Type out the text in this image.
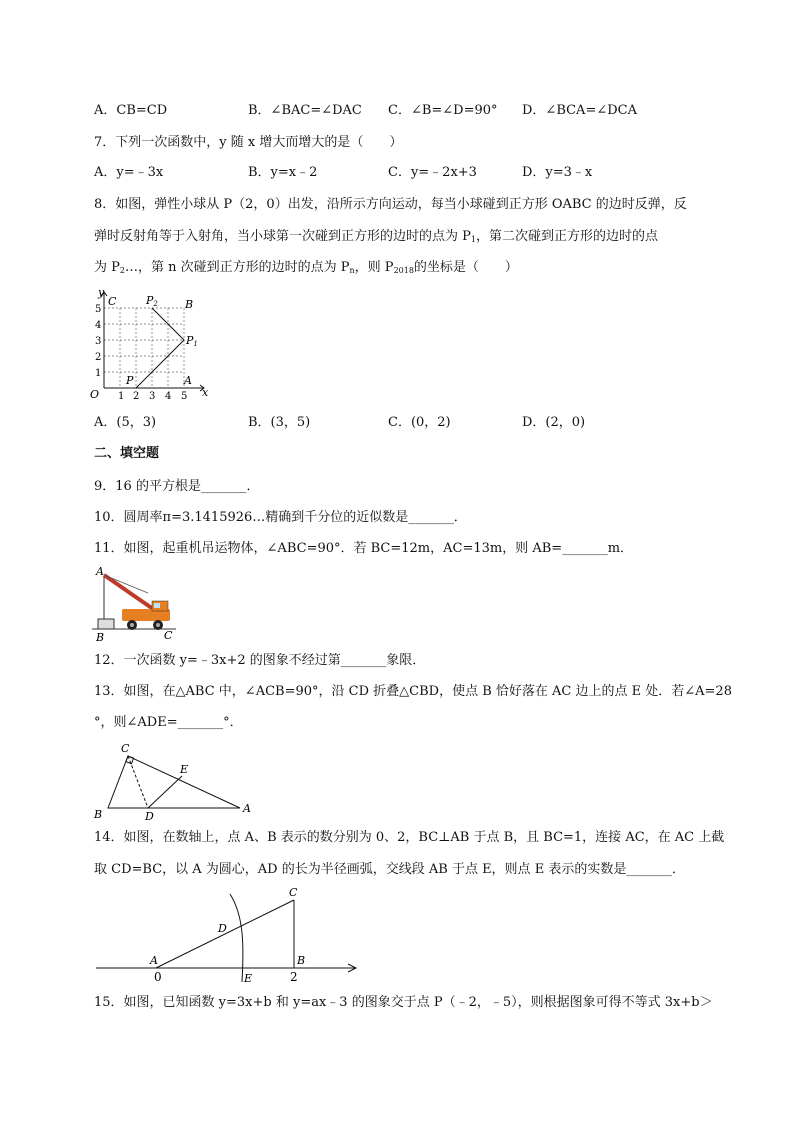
A．CB=CD	B．∠BAC=∠DAC C．∠B=∠D=90° D．∠BCA=∠DCA
7．下列一次函数中，y 随 x 增大而增大的是（　　）
A．y=﹣3x	B．y=x﹣2	C．y=﹣2x+3	D．y=3﹣x
8．如图，弹性小球从 P（2，0）出发，沿所示方向运动，每当小球碰到正方形 OABC 的边时反弹，反
弹时反射角等于入射角，当小球第一次碰到正方形的边时的点为 $P_1$，第二次碰到正方形的边时的点
为 $P_2\dots$，第 n 次碰到正方形的边时的点为 $P_n$，则 $P_{2018}$的坐标是（　　）
y
x
O
A
B
C
P
P1
P2
1 2 3 4 5
1
2
3
4
5
A．(5，3)	B．(3，5)	C．(0，2)	D．(2，0)
二、填空题
9．16 的平方根是_______．
10．圆周率π=3.1415926…精确到千分位的近似数是_______．
11．如图，起重机吊运物体，∠ABC=90°．若 BC=12m，AC=13m，则 AB=_______m．
A
B	C
12．一次函数 y=﹣3x+2 的图象不经过第_______象限．
13．如图，在△ABC 中，∠ACB=90°，沿 CD 折叠△CBD，使点 B 恰好落在 AC 边上的点 E 处．若∠A=28
°，则∠ADE=_______°．
C
B	A
D
E
14．如图，在数轴上，点 A、B 表示的数分别为 0、2，BC⊥AB 于点 B，且 BC=1，连接 AC，在 AC 上截
取 CD=BC，以 A 为圆心，AD 的长为半径画弧，交线段 AB 于点 E，则点 E 表示的实数是_______．
A
0
D
E
C
B
2
15．如图，已知函数 y=3x+b 和 y=ax﹣3 的图象交于点 P（﹣2，﹣5），则根据图象可得不等式 3x+b＞
